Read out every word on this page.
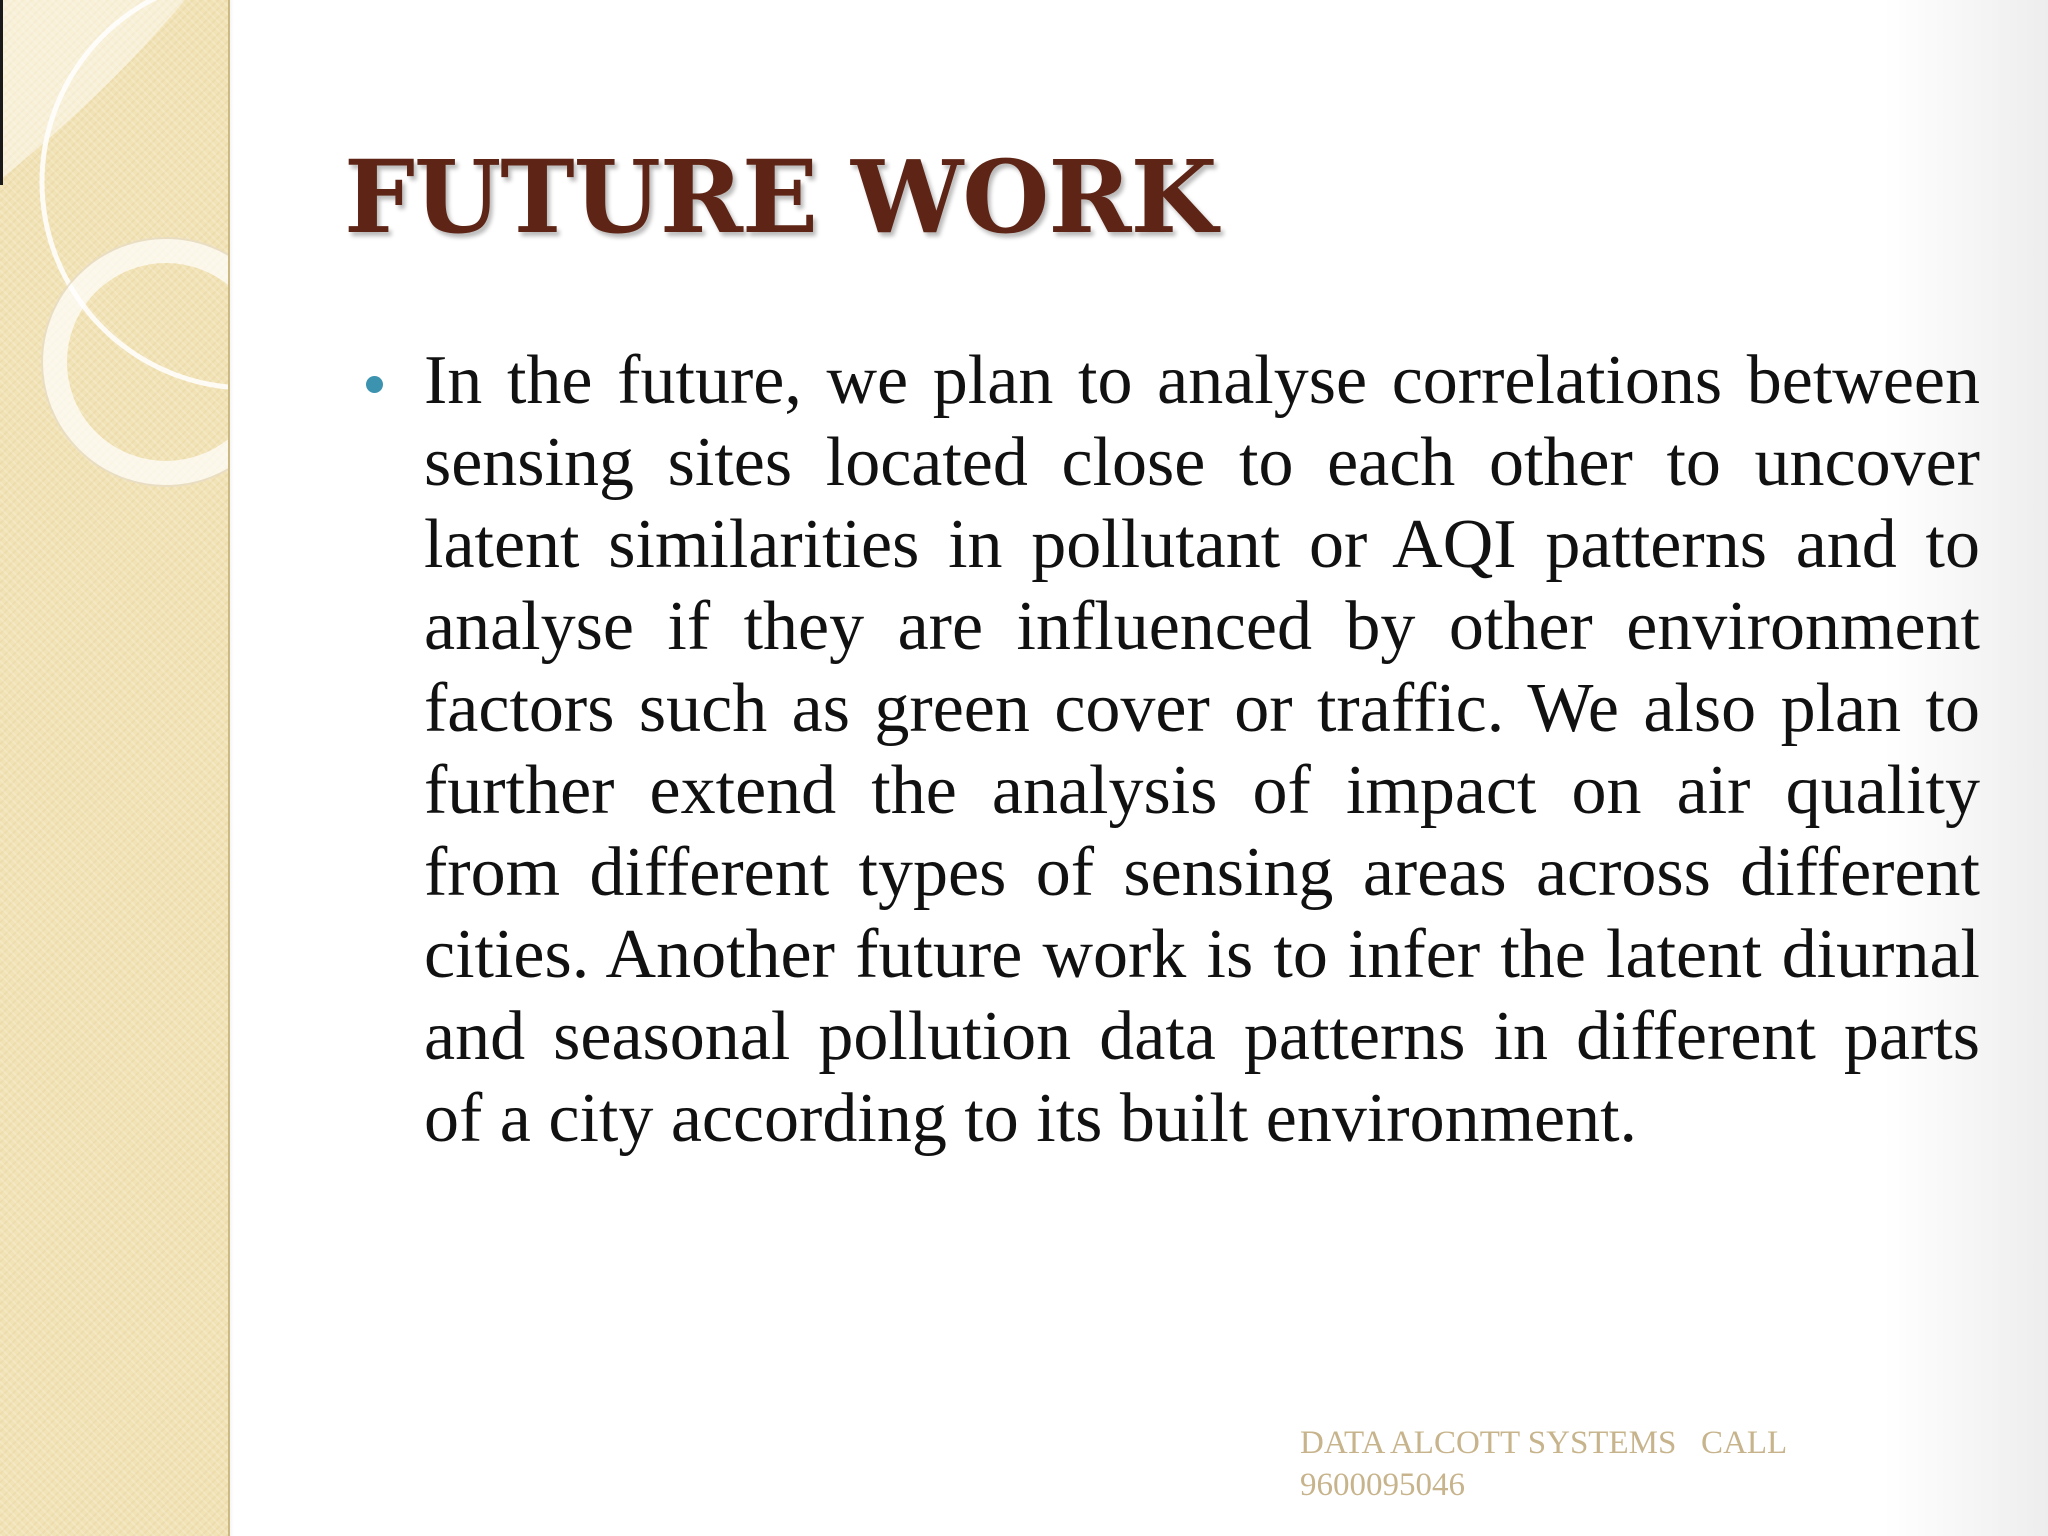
FUTURE WORK

In the future, we plan to analyse correlations between sensing sites located close to each other to uncover latent similarities in pollutant or AQI patterns and to analyse if they are influenced by other environment factors such as green cover or traffic. We also plan to further extend the analysis of impact on air quality from different types of sensing areas across different cities. Another future work is to infer the latent diurnal and seasonal pollution data patterns in different parts of a city according to its built environment.

DATA ALCOTT SYSTEMS   CALL
9600095046
